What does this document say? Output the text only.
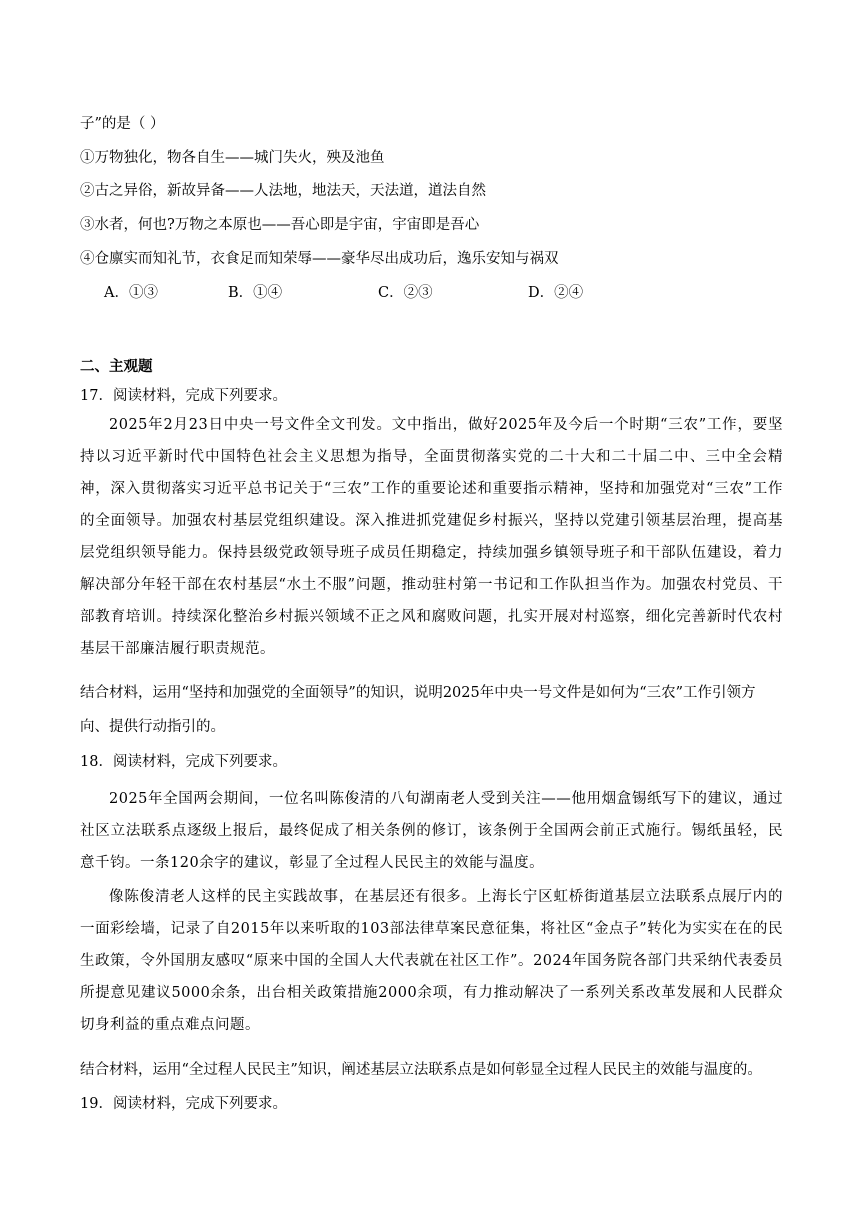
子”的是（ ）
①万物独化，物各自生——城门失火，殃及池鱼
②古之异俗，新故异备——人法地，地法天，天法道，道法自然
③水者，何也?万物之本原也——吾心即是宇宙，宇宙即是吾心
④仓廪实而知礼节，衣食足而知荣辱——豪华尽出成功后，逸乐安知与祸双
A．①③	B．①④	C．②③	D．②④
二、主观题
17．阅读材料，完成下列要求。
2025年2月23日中央一号文件全文刊发。文中指出，做好2025年及今后一个时期“三农”工作，要坚持以习近平新时代中国特色社会主义思想为指导，全面贯彻落实党的二十大和二十届二中、三中全会精神，深入贯彻落实习近平总书记关于“三农”工作的重要论述和重要指示精神，坚持和加强党对“三农”工作的全面领导。加强农村基层党组织建设。深入推进抓党建促乡村振兴，坚持以党建引领基层治理，提高基层党组织领导能力。保持县级党政领导班子成员任期稳定，持续加强乡镇领导班子和干部队伍建设，着力解决部分年轻干部在农村基层“水土不服”问题，推动驻村第一书记和工作队担当作为。加强农村党员、干部教育培训。持续深化整治乡村振兴领域不正之风和腐败问题，扎实开展对村巡察，细化完善新时代农村基层干部廉洁履行职责规范。
结合材料，运用“坚持和加强党的全面领导”的知识，说明2025年中央一号文件是如何为“三农”工作引领方
向、提供行动指引的。
18．阅读材料，完成下列要求。
2025年全国两会期间，一位名叫陈俊清的八旬湖南老人受到关注——他用烟盒锡纸写下的建议，通过社区立法联系点逐级上报后，最终促成了相关条例的修订，该条例于全国两会前正式施行。锡纸虽轻，民意千钧。一条120余字的建议，彰显了全过程人民民主的效能与温度。
像陈俊清老人这样的民主实践故事，在基层还有很多。上海长宁区虹桥街道基层立法联系点展厅内的一面彩绘墙，记录了自2015年以来听取的103部法律草案民意征集，将社区“金点子”转化为实实在在的民生政策，令外国朋友感叹“原来中国的全国人大代表就在社区工作”。2024年国务院各部门共采纳代表委员所提意见建议5000余条，出台相关政策措施2000余项，有力推动解决了一系列关系改革发展和人民群众切身利益的重点难点问题。
结合材料，运用“全过程人民民主”知识，阐述基层立法联系点是如何彰显全过程人民民主的效能与温度的。
19．阅读材料，完成下列要求。
